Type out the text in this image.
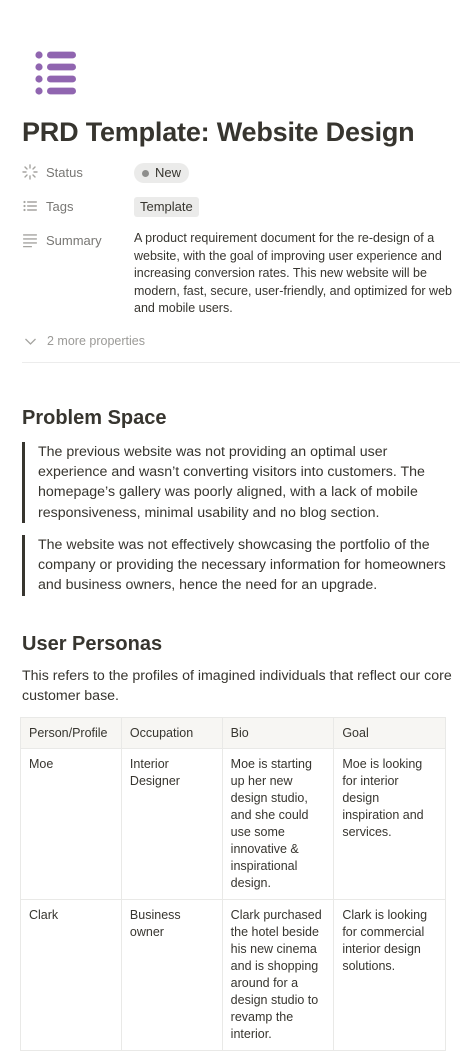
PRD Template: Website Design
Status	New
Tags	Template
Summary	A product requirement document for the re-design of a website, with the goal of improving user experience and increasing conversion rates. This new website will be modern, fast, secure, user-friendly, and optimized for web and mobile users.
2 more properties
Problem Space
The previous website was not providing an optimal user experience and wasn’t converting visitors into customers. The homepage’s gallery was poorly aligned, with a lack of mobile responsiveness, minimal usability and no blog section.
The website was not effectively showcasing the portfolio of the company or providing the necessary information for homeowners and business owners, hence the need for an upgrade.
User Personas
This refers to the profiles of imagined individuals that reflect our core customer base.
Person/Profile	Occupation	Bio	Goal
Moe	Interior Designer	Moe is starting up her new design studio, and she could use some innovative & inspirational design.	Moe is looking for interior design inspiration and services.
Clark	Business owner	Clark purchased the hotel beside his new cinema and is shopping around for a design studio to revamp the interior.	Clark is looking for commercial interior design solutions.
